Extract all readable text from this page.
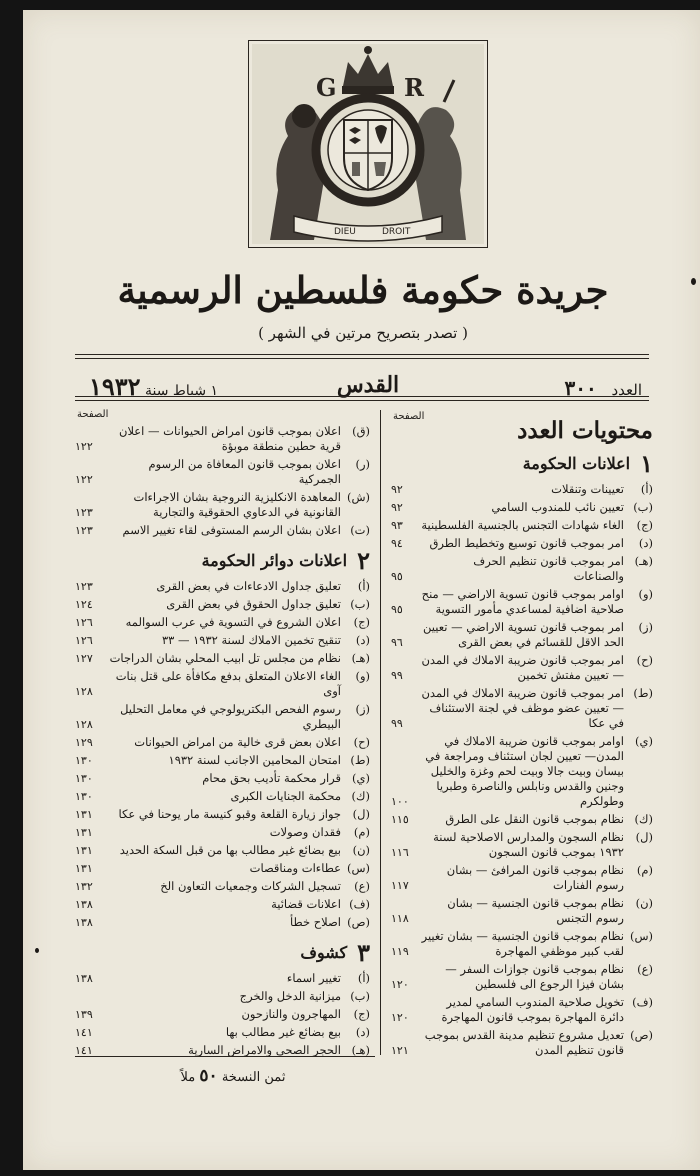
G	R
DIEU	DROIT
جريدة حكومة فلسطين الرسمية
( تصدر بتصريح مرتين في الشهر )
العدد ٣٠٠
القدس
١ شباط سنة ١٩٣٢
محتويات العدد
الصفحة
١
اعلانات الحكومة
(أ)
تعيينات وتنقلات
٩٢
(ب)
تعيين نائب للمندوب السامي
٩٢
(ج)
الغاء شهادات التجنس بالجنسية الفلسطينية
٩٣
(د)
امر بموجب قانون توسيع وتخطيط الطرق
٩٤
(هـ)
امر بموجب قانون تنظيم الحرف والصناعات
٩٥
(و)
اوامر بموجب قانون تسوية الاراضي — منح صلاحية اضافية لمساعدي مأمور التسوية
٩٥
(ز)
امر بموجب قانون تسوية الاراضي — تعيين الحد الاقل للقسائم في بعض القرى
٩٦
(ح)
امر بموجب قانون ضريبة الاملاك في المدن — تعيين مفتش تخمين
٩٩
(ط)
امر بموجب قانون ضريبة الاملاك في المدن — تعيين عضو موظف في لجنة الاستئناف في عكا
٩٩
(ي)
اوامر بموجب قانون ضريبة الاملاك في المدن— تعيين لجان استئناف ومراجعة في بيسان وبيت جالا وبيت لحم وغزة والخليل وجنين والقدس ونابلس والناصرة وطبريا وطولكرم
١٠٠
(ك)
نظام بموجب قانون النقل على الطرق
١١٥
(ل)
نظام السجون والمدارس الاصلاحية لسنة ١٩٣٢ بموجب قانون السجون
١١٦
(م)
نظام بموجب قانون المرافئ — بشان رسوم الفنارات
١١٧
(ن)
نظام بموجب قانون الجنسية — بشان رسوم التجنس
١١٨
(س)
نظام بموجب قانون الجنسية — بشان تغيير لقب كبير موظفي المهاجرة
١١٩
(ع)
نظام بموجب قانون جوازات السفر — بشان فيزا الرجوع الى فلسطين
١٢٠
(ف)
تخويل صلاحية المندوب السامي لمدير دائرة المهاجرة بموجب قانون المهاجرة
١٢٠
(ص)
تعديل مشروع تنظيم مدينة القدس بموجب قانون تنظيم المدن
١٢١
الصفحة
(ق)
اعلان بموجب قانون امراض الحيوانات — اعلان قرية حطين منطقة موبؤة
١٢٢
(ر)
اعلان بموجب قانون المعافاة من الرسوم الجمركية
١٢٢
(ش)
المعاهدة الانكليزية النروجية بشان الاجراءات القانونية في الدعاوي الحقوقية والتجارية
١٢٣
(ت)
اعلان بشان الرسم المستوفى لقاء تغيير الاسم
١٢٣
٢
اعلانات دوائر الحكومة
(أ)
تعليق جداول الادعاءات في بعض القرى
١٢٣
(ب)
تعليق جداول الحقوق في بعض القرى
١٢٤
(ج)
اعلان الشروع في التسوية في عرب السوالمه
١٢٦
(د)
تنقيح تخمين الاملاك لسنة ١٩٣٢ — ٣٣
١٢٦
(هـ)
نظام من مجلس تل ابيب المحلي بشان الدراجات
١٢٧
(و)
الغاء الاعلان المتعلق بدفع مكافأة على قتل بنات آوى
١٢٨
(ز)
رسوم الفحص البكتريولوجي في معامل التحليل البيطري
١٢٨
(ح)
اعلان بعض قرى خالية من امراض الحيوانات
١٢٩
(ط)
امتحان المحامين الاجانب لسنة ١٩٣٢
١٣٠
(ي)
قرار محكمة تأديب بحق محام
١٣٠
(ك)
محكمة الجنايات الكبرى
١٣٠
(ل)
جواز زيارة القلعة وقبو كنيسة مار يوحنا في عكا
١٣١
(م)
فقدان وصولات
١٣١
(ن)
بيع بضائع غير مطالب بها من قبل السكة الحديد
١٣١
(س)
عطاءات ومناقصات
١٣١
(ع)
تسجيل الشركات وجمعيات التعاون الخ
١٣٢
(ف)
اعلانات قضائية
١٣٨
(ص)
اصلاح خطأ
١٣٨
٣
كشوف
(أ)
تغيير اسماء
١٣٨
(ب)
ميزانية الدخل والخرج
(ج)
المهاجرون والنازحون
١٣٩
(د)
بيع بضائع غير مطالب بها
١٤١
(هـ)
الحجر الصحي والامراض السارية
١٤١
ثمن النسخة ٥٠ ملاً
